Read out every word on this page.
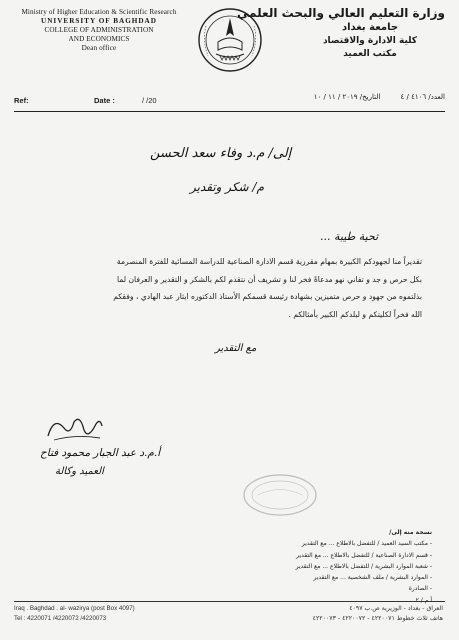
Ministry of Higher Education & Scientific Research
UNIVERSITY OF BAGHDAD
COLLEGE OF ADMINISTRATION
AND ECONOMICS
Dean office
وزارة التعليم العالي والبحث العلمي
جامعة بغداد
كلية الادارة والاقتصاد
مكتب العميد
Ref:	Date :	/ /20	العدد/ ٤١٠٦ / ٤ التاريخ/ ٢٠١٩ / ١١ / ١٠
إلى/ م.د وفاء سعد الحسن
م/ شكر وتقدير
تحية طيبة ...
تقديراً منا لجهودكم الكبيرة بمهام مقررية قسم الادارة الصناعية للدراسة المسائية للفترة المنصرمة
بكل حرص و جد و تفاني نهو مدعاةً فخر لنا و تشريف أن نتقدم لكم بالشكر و التقدير و العرفان لما
بذلتموه من جهود و حرص متميزين بشهادة رئيسة قسمكم الأستاذ الدكتوره ايثار عبد الهادي ، وفقكم
الله فخراً لكليتكم و لبلدكم الكبير بأمثالكم .
مع التقدير
أ.م.د عبد الجبار محمود فتاح
العميد وكالة
نسخة منه إلى/
- مكتب السيد العميد / للتفضل بالاطلاع ... مع التقدير
- قسم الادارة الصناعية / للتفضل بالاطلاع ... مع التقدير
- شعبة الموارد البشرية / للتفضل بالاطلاع ... مع التقدير
- الموارد البشرية / ملف الشخصية ... مع التقدير
- الصادرة
أ.م / ٢
Iraq . Baghdad . al- wazirya (post Box 4097)
Tel : 4220071 /4220072 /4220073
العراق - بغداد - الوزيرية ص.ب ٤٠٩٧
هاتف ثلاث خطوط ٤٢٢٠٠٧١ - ٤٢٢٠٠٧٢ - ٤٢٢٠٠٧٣
